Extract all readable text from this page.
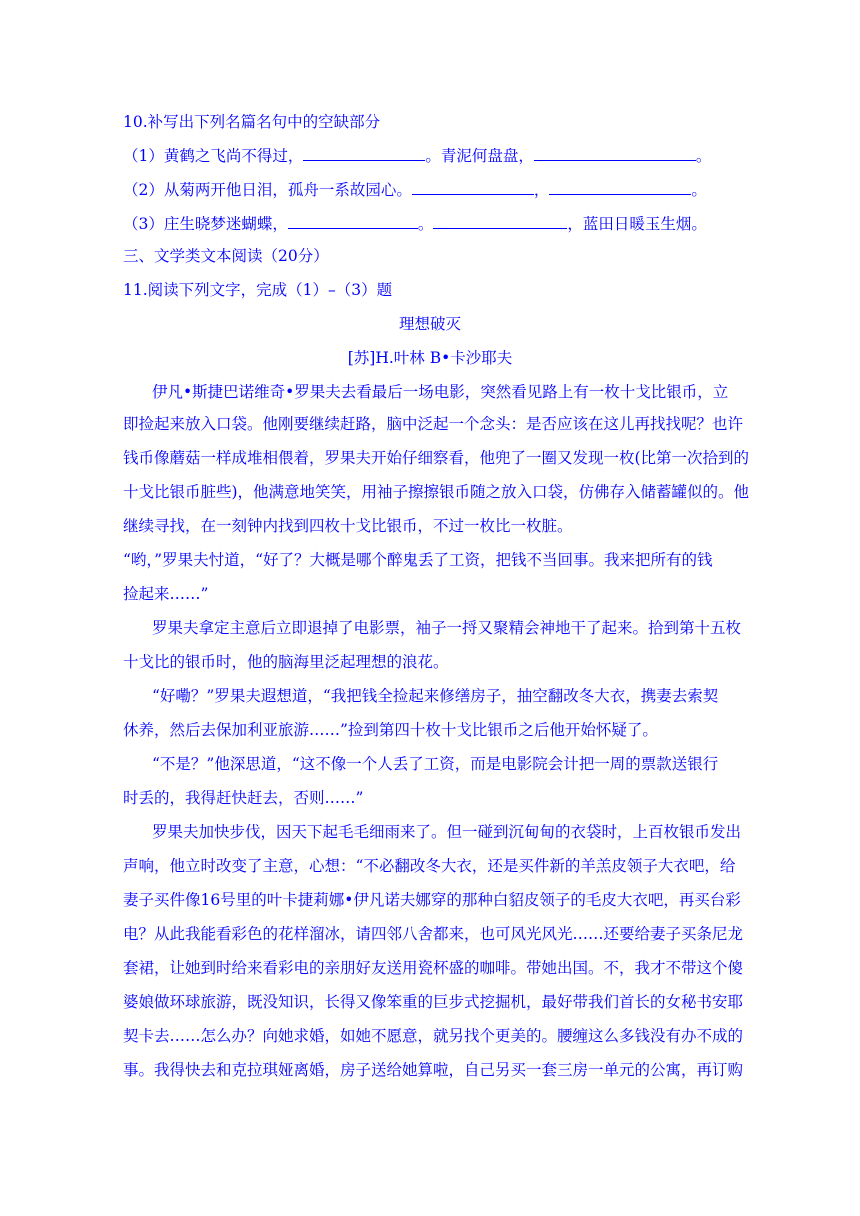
10.补写出下列名篇名句中的空缺部分
（1）黄鹤之飞尚不得过，	。青泥何盘盘，	。
（2）从菊两开他日泪，孤舟一系故园心。	，	。
（3）庄生晓梦迷蝴蝶，	。	，蓝田日暖玉生烟。
三、文学类文本阅读（20分）
11.阅读下列文字，完成（1）–（3）题
理想破灭
[苏]H.叶林 B•卡沙耶夫
伊凡•斯捷巴诺维奇•罗果夫去看最后一场电影，突然看见路上有一枚十戈比银币，立
即捡起来放入口袋。他刚要继续赶路，脑中泛起一个念头：是否应该在这儿再找找呢？也许
钱币像蘑菇一样成堆相偎着，罗果夫开始仔细察看，他兜了一圈又发现一枚(比第一次拾到的
十戈比银币脏些)，他满意地笑笑，用袖子擦擦银币随之放入口袋，仿佛存入储蓄罐似的。他
继续寻找，在一刻钟内找到四枚十戈比银币，不过一枚比一枚脏。
“哟，”罗果夫忖道，“好了？大概是哪个醉鬼丢了工资，把钱不当回事。我来把所有的钱
捡起来……”
罗果夫拿定主意后立即退掉了电影票，袖子一捋又聚精会神地干了起来。拾到第十五枚
十戈比的银币时，他的脑海里泛起理想的浪花。
“好嘞？”罗果夫遐想道，“我把钱全捡起来修缮房子，抽空翻改冬大衣，携妻去索契
休养，然后去保加利亚旅游……”捡到第四十枚十戈比银币之后他开始怀疑了。
“不是？”他深思道，“这不像一个人丢了工资，而是电影院会计把一周的票款送银行
时丢的，我得赶快赶去，否则……”
罗果夫加快步伐，因天下起毛毛细雨来了。但一碰到沉甸甸的衣袋时，上百枚银币发出
声响，他立时改变了主意，心想：“不必翻改冬大衣，还是买件新的羊羔皮领子大衣吧，给
妻子买件像16号里的叶卡捷莉娜•伊凡诺夫娜穿的那种白貂皮领子的毛皮大衣吧，再买台彩
电？从此我能看彩色的花样溜冰，请四邻八舍都来，也可风光风光……还要给妻子买条尼龙
套裙，让她到时给来看彩电的亲朋好友送用瓷杯盛的咖啡。带她出国。不，我才不带这个傻
婆娘做环球旅游，既没知识，长得又像笨重的巨步式挖掘机，最好带我们首长的女秘书安耶
契卡去……怎么办？向她求婚，如她不愿意，就另找个更美的。腰缠这么多钱没有办不成的
事。我得快去和克拉琪娅离婚，房子送给她算啦，自己另买一套三房一单元的公寓，再订购
